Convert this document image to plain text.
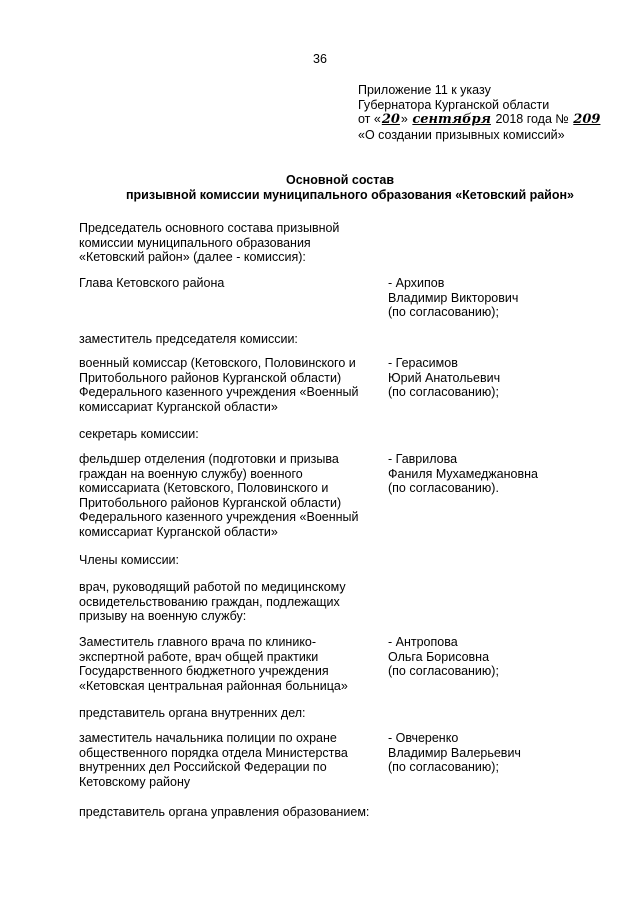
36
Приложение 11 к указу
Губернатора Курганской области
от «20» сентября 2018 года № 209
«О создании призывных комиссий»
Основной состав
призывной комиссии муниципального образования «Кетовский район»
Председатель основного состава призывной
комиссии муниципального образования
«Кетовский район» (далее - комиссия):
Глава Кетовского района	- Архипов
Владимир Викторович
(по согласованию);
заместитель председателя комиссии:
военный комиссар (Кетовского, Половинского и
Притобольного районов Курганской области)
Федерального казенного учреждения «Военный
комиссариат Курганской области»
- Герасимов
Юрий Анатольевич
(по согласованию);
секретарь комиссии:
фельдшер отделения (подготовки и призыва
граждан на военную службу) военного
комиссариата (Кетовского, Половинского и
Притобольного районов Курганской области)
Федерального казенного учреждения «Военный
комиссариат Курганской области»
- Гаврилова
Фаниля Мухамеджановна
(по согласованию).
Члены комиссии:
врач, руководящий работой по медицинскому
освидетельствованию граждан, подлежащих
призыву на военную службу:
Заместитель главного врача по клинико-
экспертной работе, врач общей практики
Государственного бюджетного учреждения
«Кетовская центральная районная больница»
- Антропова
Ольга Борисовна
(по согласованию);
представитель органа внутренних дел:
заместитель начальника полиции по охране
общественного порядка отдела Министерства
внутренних дел Российской Федерации по
Кетовскому району
- Овчеренко
Владимир Валерьевич
(по согласованию);
представитель органа управления образованием:
